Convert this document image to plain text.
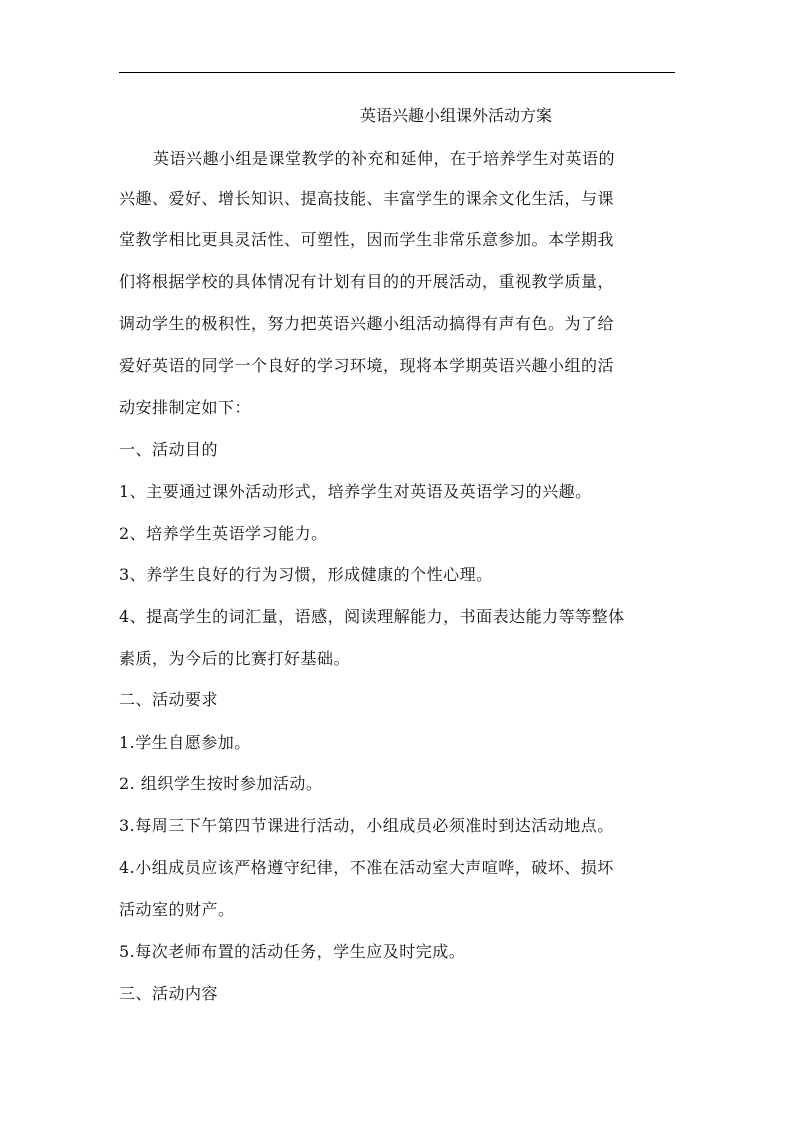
英语兴趣小组课外活动方案
英语兴趣小组是课堂教学的补充和延伸，在于培养学生对英语的
兴趣、爱好、增长知识、提高技能、丰富学生的课余文化生活，与课
堂教学相比更具灵活性、可塑性，因而学生非常乐意参加。本学期我
们将根据学校的具体情况有计划有目的的开展活动，重视教学质量，
调动学生的极积性，努力把英语兴趣小组活动搞得有声有色。为了给
爱好英语的同学一个良好的学习环境，现将本学期英语兴趣小组的活
动安排制定如下：
一、活动目的
1、主要通过课外活动形式，培养学生对英语及英语学习的兴趣。
2、培养学生英语学习能力。
3、养学生良好的行为习惯，形成健康的个性心理。
4、提高学生的词汇量，语感，阅读理解能力，书面表达能力等等整体
素质，为今后的比赛打好基础。
二、活动要求
1.学生自愿参加。
2. 组织学生按时参加活动。
3.每周三下午第四节课进行活动，小组成员必须准时到达活动地点。
4.小组成员应该严格遵守纪律，不准在活动室大声喧哗，破坏、损坏
活动室的财产。
5.每次老师布置的活动任务，学生应及时完成。
三、活动内容
